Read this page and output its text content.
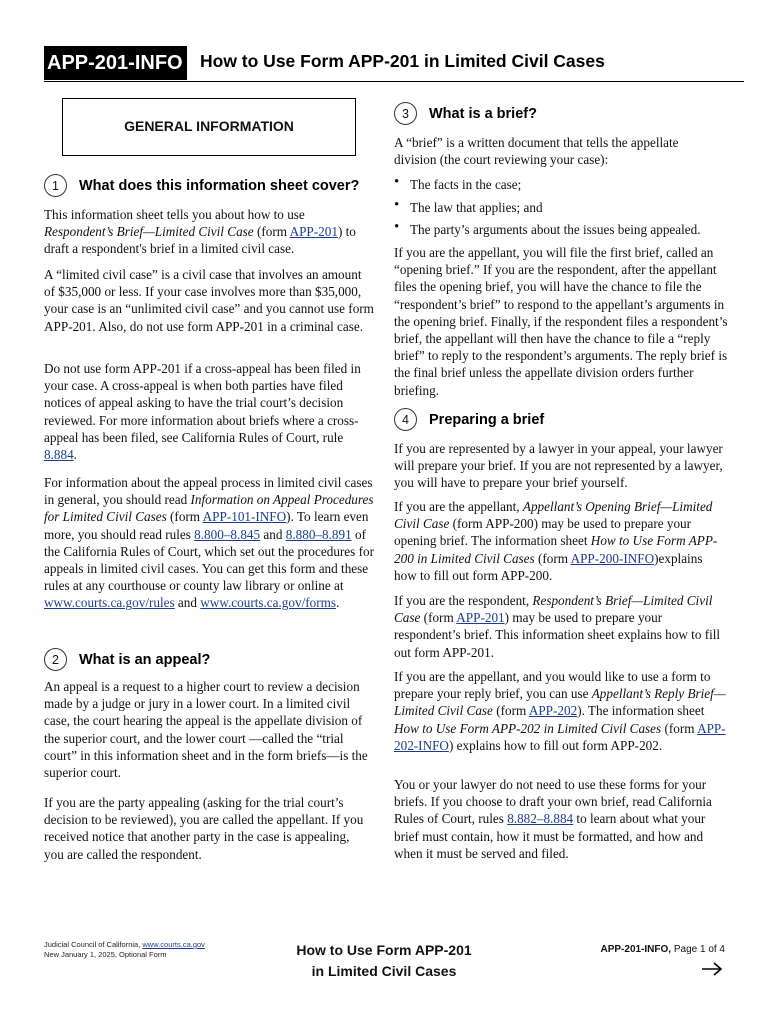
APP-201-INFO How to Use Form APP-201 in Limited Civil Cases
GENERAL INFORMATION
1	What does this information sheet cover?
This information sheet tells you about how to use Respondent’s Brief—Limited Civil Case (form APP-201) to draft a respondent's brief in a limited civil case.
A “limited civil case” is a civil case that involves an amount of $35,000 or less. If your case involves more than $35,000, your case is an “unlimited civil case” and you cannot use form APP-201. Also, do not use form APP-201 in a criminal case.
Do not use form APP-201 if a cross-appeal has been filed in your case. A cross-appeal is when both parties have filed notices of appeal asking to have the trial court’s decision reviewed. For more information about briefs where a cross-appeal has been filed, see California Rules of Court, rule 8.884.
For information about the appeal process in limited civil cases in general, you should read Information on Appeal Procedures for Limited Civil Cases (form APP-101-INFO). To learn even more, you should read rules 8.800–8.845 and 8.880–8.891 of the California Rules of Court, which set out the procedures for appeals in limited civil cases. You can get this form and these rules at any courthouse or county law library or online at www.courts.ca.gov/rules and www.courts.ca.gov/forms.
2	What is an appeal?
An appeal is a request to a higher court to review a decision made by a judge or jury in a lower court. In a limited civil case, the court hearing the appeal is the appellate division of the superior court, and the lower court —called the “trial court” in this information sheet and in the form briefs—is the superior court.
If you are the party appealing (asking for the trial court’s decision to be reviewed), you are called the appellant. If you received notice that another party in the case is appealing, you are called the respondent.
3	What is a brief?
A “brief” is a written document that tells the appellate division (the court reviewing your case):
• The facts in the case;
• The law that applies; and
• The party’s arguments about the issues being appealed.
If you are the appellant, you will file the first brief, called an “opening brief.” If you are the respondent, after the appellant files the opening brief, you will have the chance to file the “respondent’s brief” to respond to the appellant’s arguments in the opening brief. Finally, if the respondent files a respondent’s brief, the appellant will then have the chance to file a “reply brief” to reply to the respondent’s arguments. The reply brief is the final brief unless the appellate division orders further briefing.
4	Preparing a brief
If you are represented by a lawyer in your appeal, your lawyer will prepare your brief. If you are not represented by a lawyer, you will have to prepare your brief yourself.
If you are the appellant, Appellant’s Opening Brief—Limited Civil Case (form APP-200) may be used to prepare your opening brief. The information sheet How to Use Form APP-200 in Limited Civil Cases (form APP-200-INFO)explains how to fill out form APP-200.
If you are the respondent, Respondent’s Brief—Limited Civil Case (form APP-201) may be used to prepare your respondent’s brief. This information sheet explains how to fill out form APP-201.
If you are the appellant, and you would like to use a form to prepare your reply brief, you can use Appellant’s Reply Brief—Limited Civil Case (form APP-202). The information sheet How to Use Form APP-202 in Limited Civil Cases (form APP-202-INFO) explains how to fill out form APP-202.
You or your lawyer do not need to use these forms for your briefs. If you choose to draft your own brief, read California Rules of Court, rules 8.882–8.884 to learn about what your brief must contain, how it must be formatted, and how and when it must be served and filed.
Judicial Council of California, www.courts.ca.gov
New January 1, 2025, Optional Form	How to Use Form APP-201
in Limited Civil Cases
APP-201-INFO, Page 1 of 4
